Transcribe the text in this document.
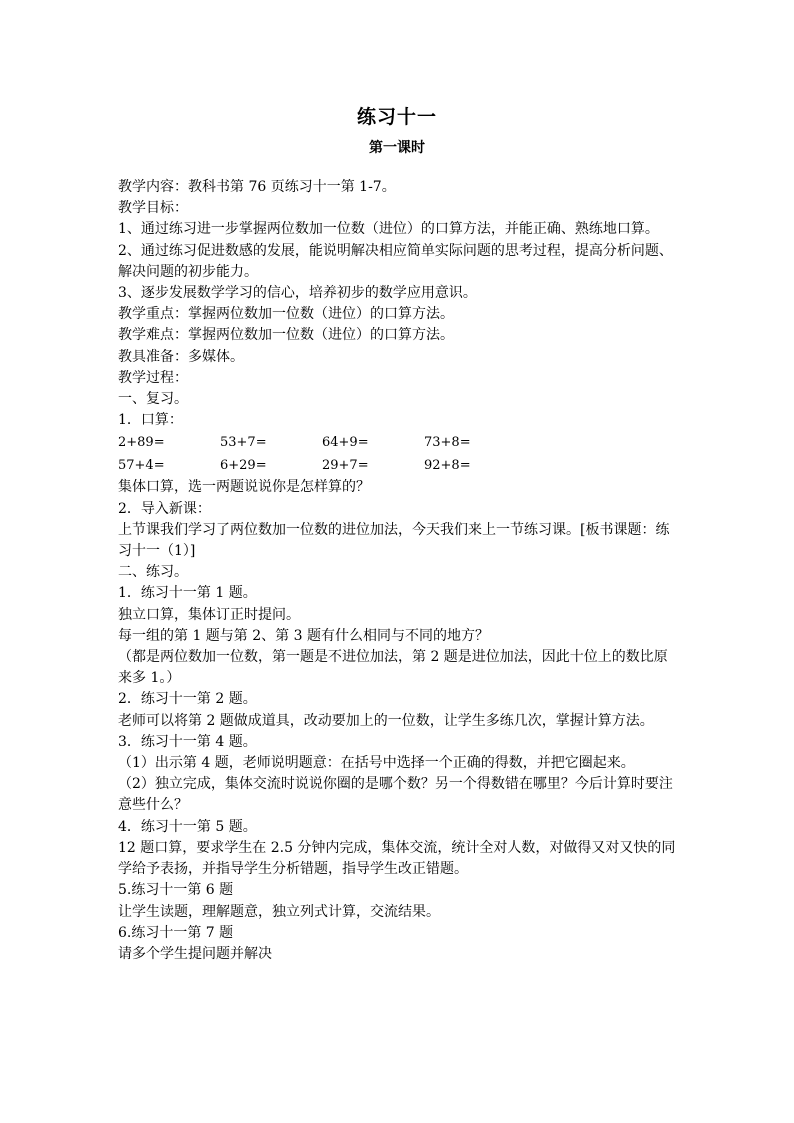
练习十一
第一课时

教学内容：教科书第 76 页练习十一第 1-7。

教学目标：

1、通过练习进一步掌握两位数加一位数（进位）的口算方法，并能正确、熟练地口算。

2、通过练习促进数感的发展，能说明解决相应简单实际问题的思考过程，提高分析问题、解决问题的初步能力。

3、逐步发展数学学习的信心，培养初步的数学应用意识。

教学重点：掌握两位数加一位数（进位）的口算方法。

教学难点：掌握两位数加一位数（进位）的口算方法。

教具准备：多媒体。

教学过程：

一、复习。

1．口算：

2+89=	53+7=	64+9=	73+8=
57+4=	6+29=	29+7=	92+8=

集体口算，选一两题说说你是怎样算的？

2．导入新课：

上节课我们学习了两位数加一位数的进位加法，今天我们来上一节练习课。[板书课题：练习十一（1）]

二、练习。

1．练习十一第 1 题。

独立口算，集体订正时提问。

每一组的第 1 题与第 2、第 3 题有什么相同与不同的地方？

（都是两位数加一位数，第一题是不进位加法，第 2 题是进位加法，因此十位上的数比原来多 1。）

2．练习十一第 2 题。

老师可以将第 2 题做成道具，改动要加上的一位数，让学生多练几次，掌握计算方法。

3．练习十一第 4 题。

（1）出示第 4 题，老师说明题意：在括号中选择一个正确的得数，并把它圈起来。

（2）独立完成，集体交流时说说你圈的是哪个数？另一个得数错在哪里？今后计算时要注意些什么？

4．练习十一第 5 题。

12 题口算，要求学生在 2.5 分钟内完成，集体交流，统计全对人数，对做得又对又快的同学给予表扬，并指导学生分析错题，指导学生改正错题。

5.练习十一第 6 题

让学生读题，理解题意，独立列式计算，交流结果。

6.练习十一第 7 题

请多个学生提问题并解决
